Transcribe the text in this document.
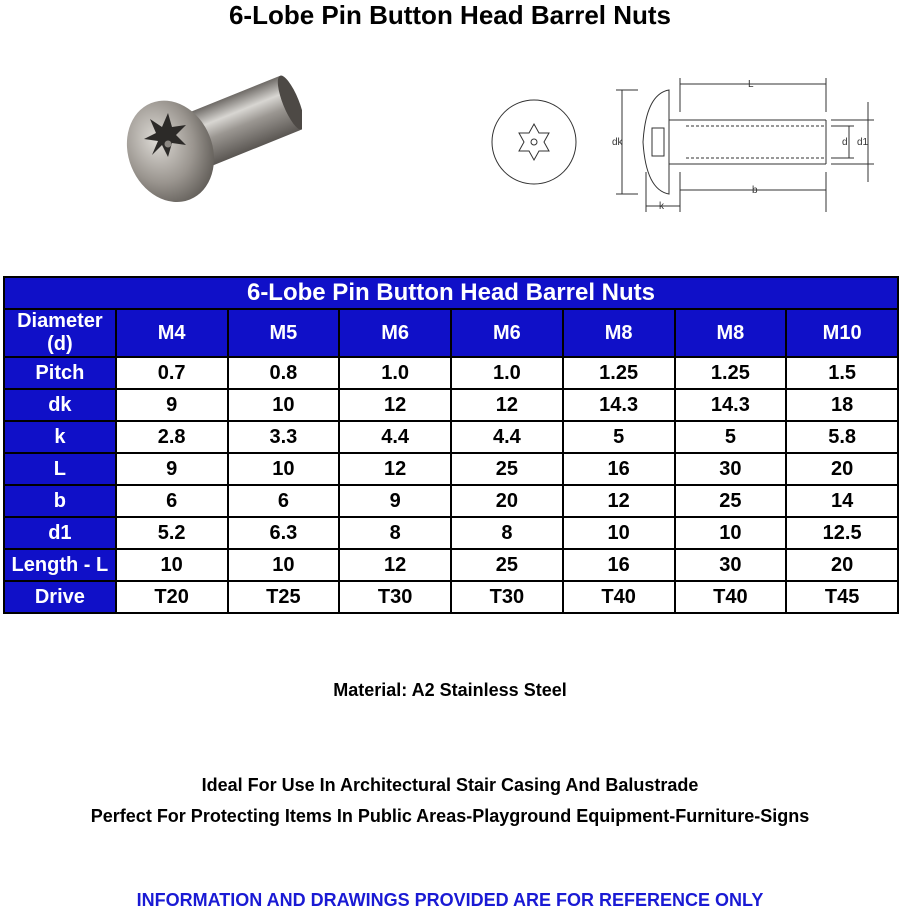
6-Lobe Pin Button Head Barrel Nuts
L
dk	d d1
k
b
6-Lobe Pin Button Head Barrel Nuts							
Diameter (d)	M4	M5	M6	M6	M8	M8	M10
Pitch	0.7	0.8	1.0	1.0	1.25	1.25	1.5
dk	9	10	12	12	14.3	14.3	18
k	2.8	3.3	4.4	4.4	5	5	5.8
L	9	10	12	25	16	30	20
b	6	6	9	20	12	25	14
d1	5.2	6.3	8	8	10	10	12.5
Length - L	10	10	12	25	16	30	20
Drive	T20	T25	T30	T30	T40	T40	T45
Material: A2 Stainless Steel
Ideal For Use In Architectural Stair Casing And Balustrade
Perfect For Protecting Items In Public Areas-Playground Equipment-Furniture-Signs
INFORMATION AND DRAWINGS PROVIDED ARE FOR REFERENCE ONLY
